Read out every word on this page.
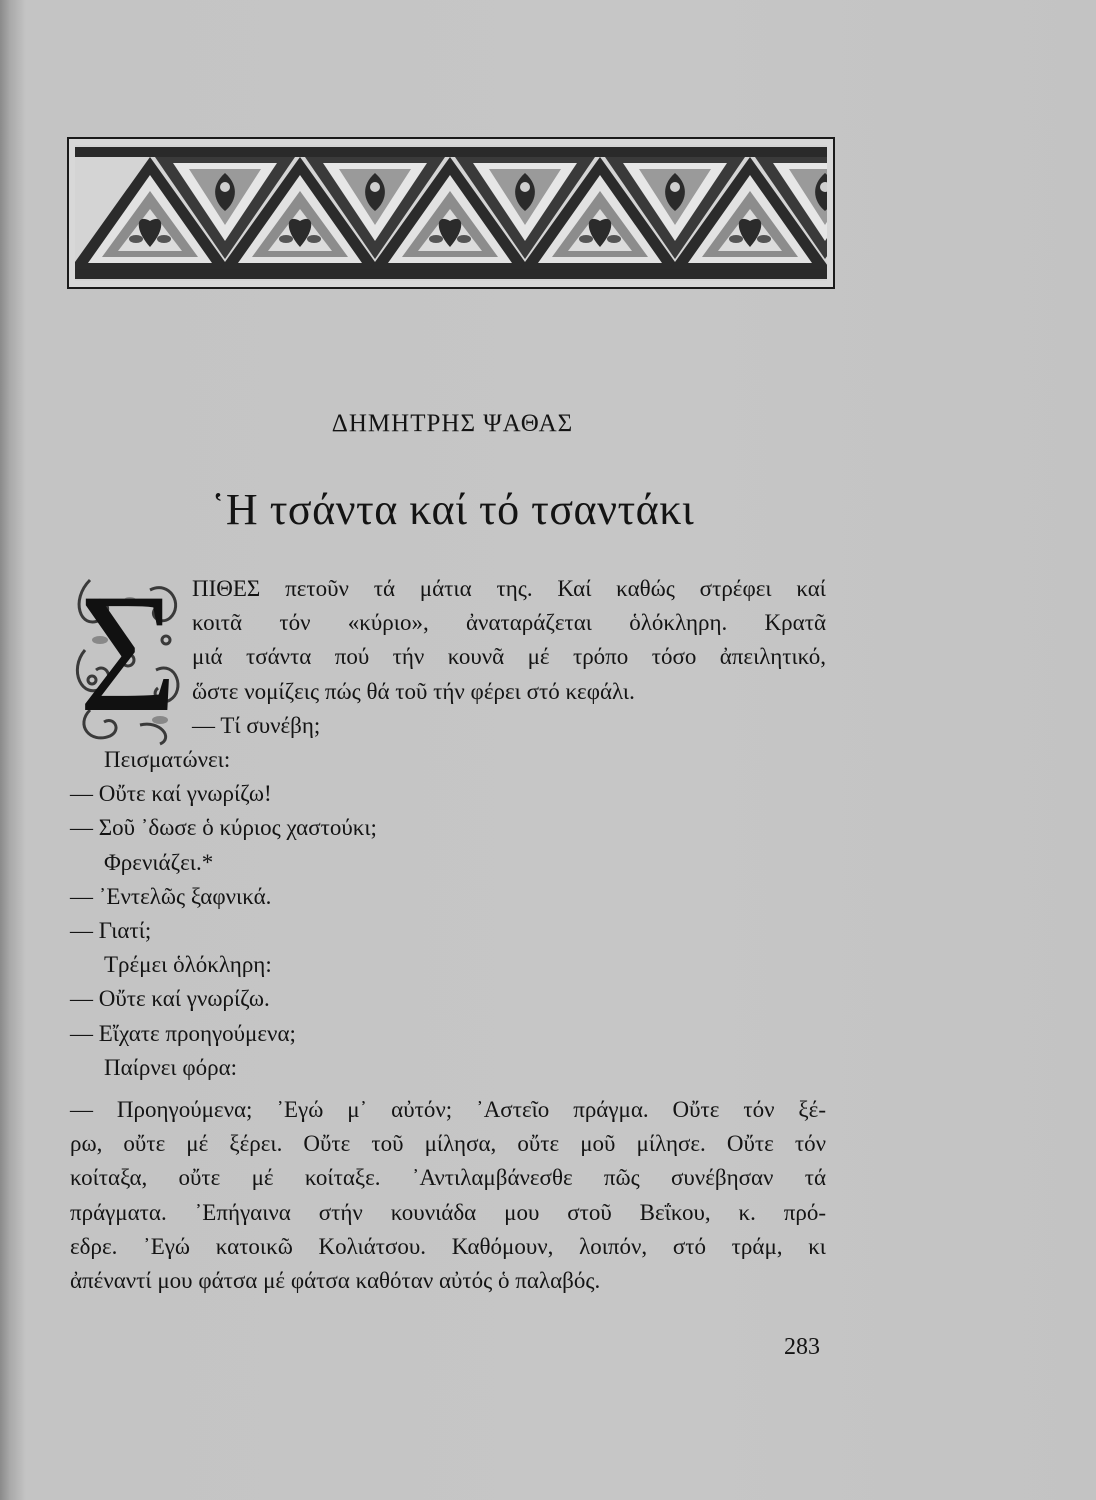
ΔΗΜΗΤΡΗΣ ΨΑΘΑΣ
῾Η τσάντα καί τό τσαντάκι
Σ ΠΙΘΕΣ πετοῦν τά μάτια της. Καί καθώς στρέφει καί
κοιτᾶ τόν «κύριο», ἀναταράζεται ὁλόκληρη. Κρατᾶ
μιά τσάντα πού τήν κουνᾶ μέ τρόπο τόσο ἀπειλητικό,
ὥστε νομίζεις πώς θά τοῦ τήν φέρει στό κεφάλι.
— Τί συνέβη;
Πεισματώνει:
— Οὔτε καί γνωρίζω!
— Σοῦ ᾽δωσε ὁ κύριος χαστούκι;
Φρενιάζει.*
— ᾽Εντελῶς ξαφνικά.
— Γιατί;
Τρέμει ὁλόκληρη:
— Οὔτε καί γνωρίζω.
— Εἴχατε προηγούμενα;
Παίρνει φόρα:
— Προηγούμενα; ᾽Εγώ μ᾽ αὐτόν; ᾽Αστεῖο πράγμα. Οὔτε τόν ξέ-
ρω, οὔτε μέ ξέρει. Οὔτε τοῦ μίλησα, οὔτε μοῦ μίλησε. Οὔτε τόν
κοίταξα, οὔτε μέ κοίταξε. ᾽Αντιλαμβάνεσθε πῶς συνέβησαν τά
πράγματα. ᾽Επήγαινα στήν κουνιάδα μου στοῦ Βεΐκου, κ. πρό-
εδρε. ᾽Εγώ κατοικῶ Κολιάτσου. Καθόμουν, λοιπόν, στό τράμ, κι
ἀπέναντί μου φάτσα μέ φάτσα καθόταν αὐτός ὁ παλαβός.
283
